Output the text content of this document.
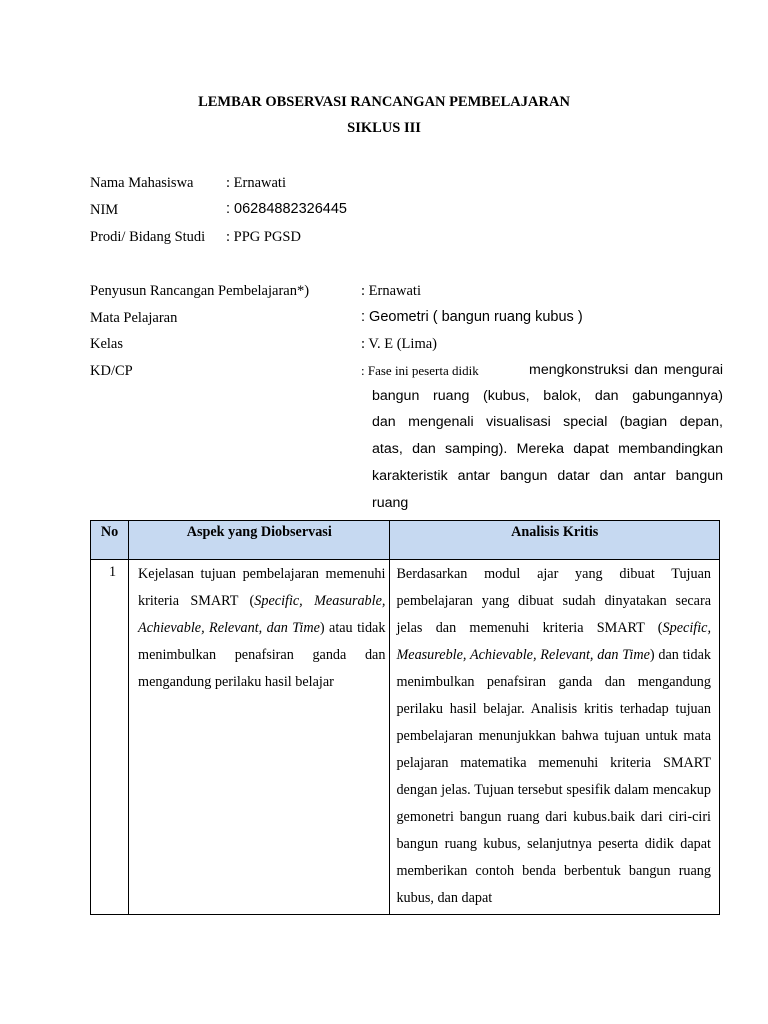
LEMBAR OBSERVASI RANCANGAN PEMBELAJARAN
SIKLUS III
Nama Mahasiswa : Ernawati
NIM	: 06284882326445
Prodi/ Bidang Studi : PPG PGSD
Penyusun Rancangan Pembelajaran*)	: Ernawati
Mata Pelajaran	: Geometri ( bangun ruang kubus )
Kelas	: V. E (Lima)
KD/CP	: Fase ini peserta didik	mengkonstruksi dan mengurai
bangun ruang (kubus, balok, dan gabungannya)
dan mengenali visualisasi special (bagian depan,
atas, dan samping). Mereka dapat membandingkan
karakteristik antar bangun datar dan antar bangun
ruang
No	Aspek yang Diobservasi	Analisis Kritis
1	Kejelasan tujuan pembelajaran memenuhi kriteria SMART (Specific, Measurable, Achievable, Relevant, dan Time) atau tidak menimbulkan penafsiran ganda dan mengandung perilaku hasil belajar	Berdasarkan modul ajar yang dibuat Tujuan pembelajaran yang dibuat sudah dinyatakan secara jelas dan memenuhi kriteria SMART (Specific, Measureble, Achievable, Relevant, dan Time) dan tidak menimbulkan penafsiran ganda dan mengandung perilaku hasil belajar. Analisis kritis terhadap tujuan pembelajaran menunjukkan bahwa tujuan untuk mata pelajaran matematika memenuhi kriteria SMART dengan jelas. Tujuan tersebut spesifik dalam mencakup gemonetri bangun ruang dari kubus.baik dari ciri-ciri bangun ruang kubus, selanjutnya peserta didik dapat memberikan contoh benda berbentuk bangun ruang kubus, dan dapat
